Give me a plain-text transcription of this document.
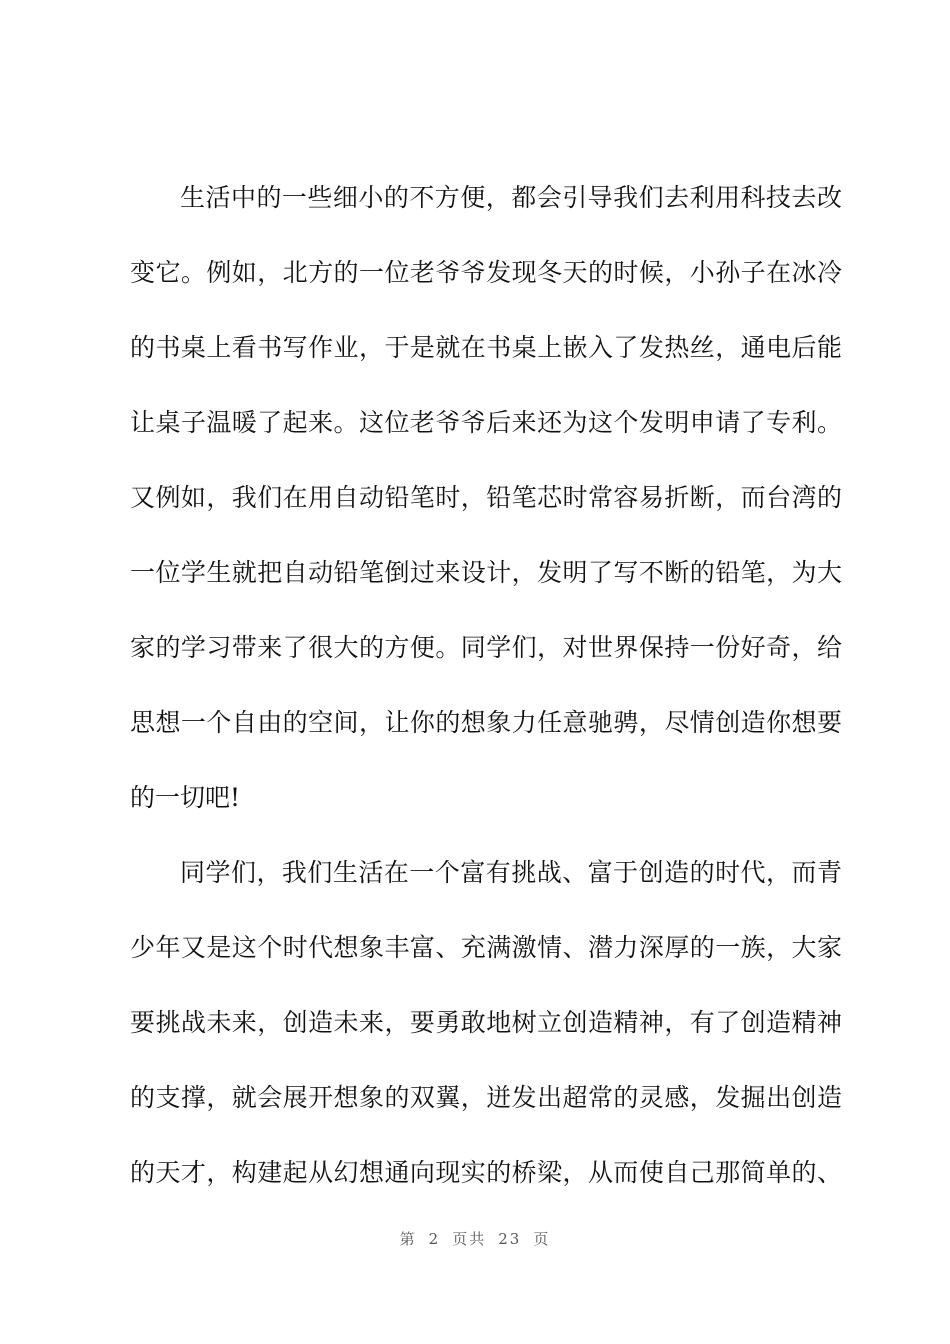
生活中的一些细小的不方便，都会引导我们去利用科技去改
变它。例如，北方的一位老爷爷发现冬天的时候，小孙子在冰冷
的书桌上看书写作业，于是就在书桌上嵌入了发热丝，通电后能
让桌子温暖了起来。这位老爷爷后来还为这个发明申请了专利。
又例如，我们在用自动铅笔时，铅笔芯时常容易折断，而台湾的
一位学生就把自动铅笔倒过来设计，发明了写不断的铅笔，为大
家的学习带来了很大的方便。同学们，对世界保持一份好奇，给
思想一个自由的空间，让你的想象力任意驰骋，尽情创造你想要
的一切吧!
同学们，我们生活在一个富有挑战、富于创造的时代，而青
少年又是这个时代想象丰富、充满激情、潜力深厚的一族，大家
要挑战未来，创造未来，要勇敢地树立创造精神，有了创造精神
的支撑，就会展开想象的双翼，迸发出超常的灵感，发掘出创造
的天才，构建起从幻想通向现实的桥梁，从而使自己那简单的、
第 2 页共 23 页
